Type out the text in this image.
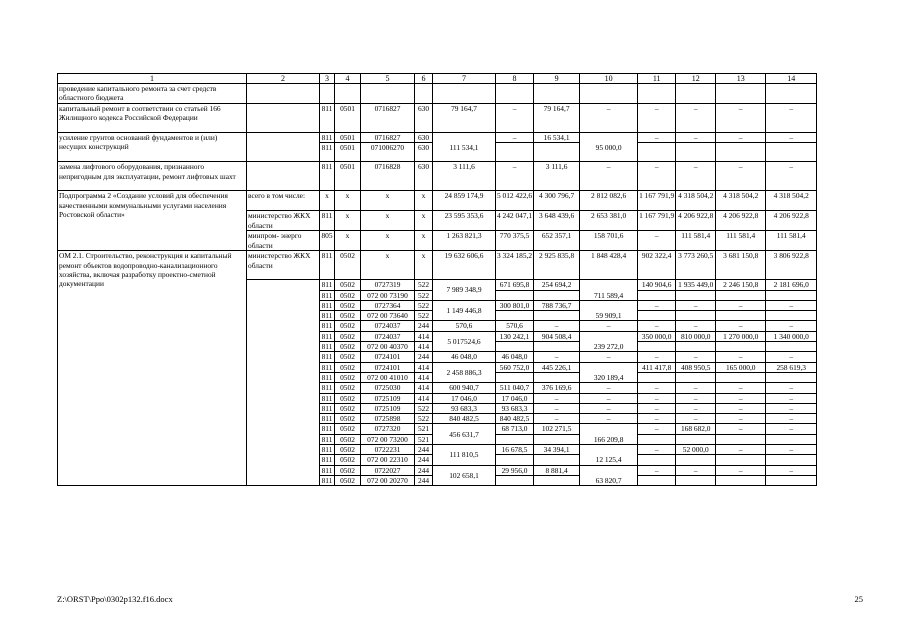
1	2	3	4	5	6	7	8	9	10	11	12	13	14
проведение капитального ремонта за счет средств областного бюджета													
капитальный ремонт в соответствии со статьей 166 Жилищного кодекса Российской Федерации		811	0501	0716827	630	79 164,7	–	79 164,7	–	–	–	–	–
усиление грунтов оснований фундаментов и (или) несущих конструкций		811	0501	0716827	630	111 534,1	–	16 534,1	95 000,0	–	–	–	–
		811	0501	071006270	630								
замена лифтового оборудования, признанного непригодным для эксплуатации, ремонт лифтовых шахт		811	0501	0716828	630	3 111,6	–	3 111,6	–	–	–	–	–
Подпрограмма 2 «Создание условий для обеспечения качественными коммунальными услугами населения Ростовской области»	всего в том числе:	х	х	х	х	24 859 174,9	5 012 422,6	4 300 796,7	2 812 082,6	1 167 791,9	4 318 504,2	4 318 504,2	4 318 504,2
	министерство ЖКХ области	811	х	х	х	23 595 353,6	4 242 047,1	3 648 439,6	2 653 381,0	1 167 791,9	4 206 922,8	4 206 922,8	4 206 922,8
	минпром- энерго области	805	х	х	х	1 263 821,3	770 375,5	652 357,1	158 701,6	–	111 581,4	111 581,4	111 581,4
ОМ 2.1. Строительство, реконструкция и капитальный ремонт объектов водопроводно-канализационного хозяйства, включая разработку проектно-сметной документации	министерство ЖКХ области	811	0502	х	х	19 632 606,6	3 324 185,2	2 925 835,8	1 848 428,4	902 322,4	3 773 260,5	3 681 150,8	3 806 922,8
		811	0502	0727319	522	7 989 348,9	671 695,8	254 694,2	711 589,4	140 904,6	1 935 449,0	2 246 150,8	2 181 696,0
		811	0502	072 00 73190	522								
		811	0502	0727364	522	1 149 446,8	300 801,0	788 736,7	59 909,1	–	–	–	–
		811	0502	072 00 73640	522								
		811	0502	0724037	244	570,6	570,6	–	–	–	–	–	–
		811	0502	0724037	414	5 017524,6	130 242,1	904 508,4	239 272,0	350 000,0	810 000,0	1 270 000,0	1 340 000,0
		811	0502	072 00 40370	414								
		811	0502	0724101	244	46 048,0	46 048,0	–	–	–	–	–	–
		811	0502	0724101	414	2 458 886,3	560 752,0	445 226,1	320 189,4	411 417,8	408 950,5	165 000,0	258 619,3
		811	0502	072 00 41010	414								
		811	0502	0725030	414	600 940,7	511 040,7	376 169,6	–	–	–	–	–
		811	0502	0725109	414	17 046,0	17 046,0	–	–	–	–	–	–
		811	0502	0725109	522	93 683,3	93 683,3	–	–	–	–	–	–
		811	0502	0725898	522	840 482,5	840 482,5	–	–	–	–	–	–
		811	0502	0727320	521	456 631,7	68 713,0	102 271,5	166 209,8	–	168 682,0	–	–
		811	0502	072 00 73200	521								
		811	0502	0722231	244	111 810,5	16 678,5	34 394,1	12 125,4	–	52 000,0	–	–
		811	0502	072 00 22310	244								
		811	0502	0722027	244	102 658,1	29 956,0	8 881,4	63 820,7	–	–	–	–
		811	0502	072 00 20270	244								
Z:\ORST\Ppo\0302p132.f16.docx	25
